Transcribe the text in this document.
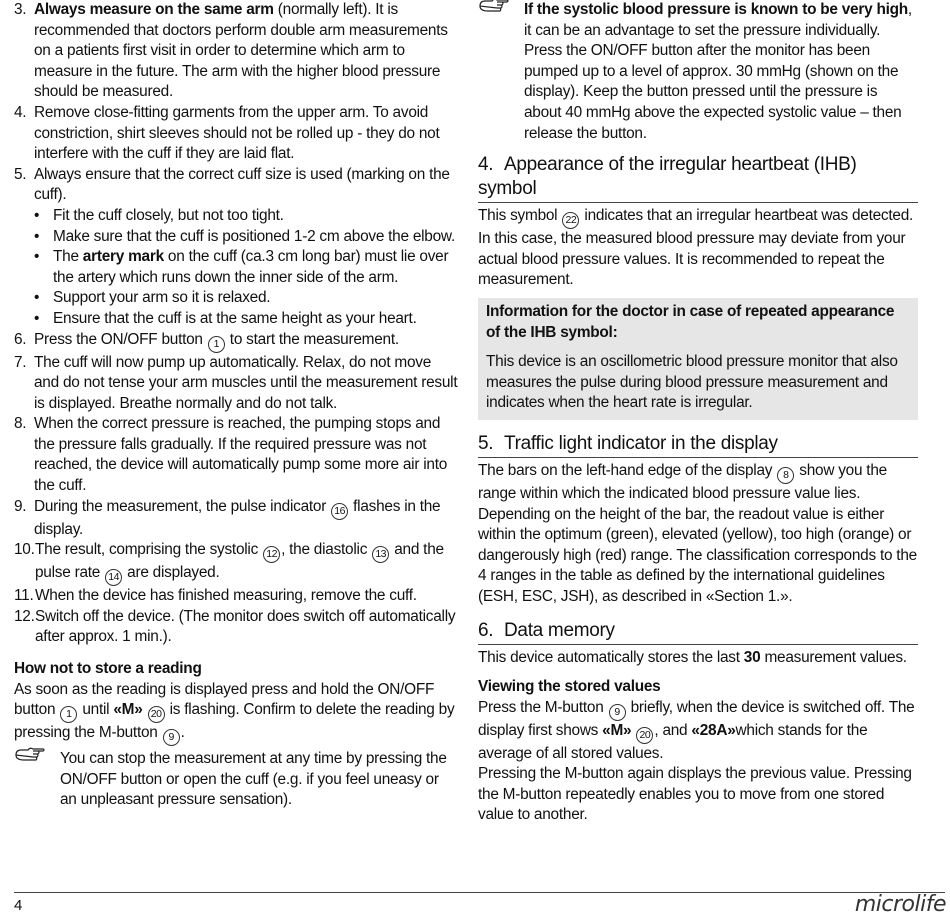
3. Always measure on the same arm (normally left). It is recommended that doctors perform double arm measurements on a patients first visit in order to determine which arm to measure in the future. The arm with the higher blood pressure should be measured.

4. Remove close-fitting garments from the upper arm. To avoid constriction, shirt sleeves should not be rolled up - they do not interfere with the cuff if they are laid flat.

5. Always ensure that the correct cuff size is used (marking on the cuff).

• Fit the cuff closely, but not too tight.
• Make sure that the cuff is positioned 1-2 cm above the elbow.
• The artery mark on the cuff (ca.3 cm long bar) must lie over the artery which runs down the inner side of the arm.
• Support your arm so it is relaxed.
• Ensure that the cuff is at the same height as your heart.

6. Press the ON/OFF button 1 to start the measurement.

7. The cuff will now pump up automatically. Relax, do not move and do not tense your arm muscles until the measurement result is displayed. Breathe normally and do not talk.

8. When the correct pressure is reached, the pumping stops and the pressure falls gradually. If the required pressure was not reached, the device will automatically pump some more air into the cuff.

9. During the measurement, the pulse indicator 16 flashes in the display.

10. The result, comprising the systolic 12 , the diastolic 13 and the pulse rate 14 are displayed.

11. When the device has finished measuring, remove the cuff.

12. Switch off the device. (The monitor does switch off automatically after approx. 1 min.).

How not to store a reading

As soon as the reading is displayed press and hold the ON/OFF button 1 until «M» 20 is flashing. Confirm to delete the reading by pressing the M-button 9 .

You can stop the measurement at any time by pressing the ON/OFF button or open the cuff (e.g. if you feel uneasy or an unpleasant pressure sensation).

If the systolic blood pressure is known to be very high, it can be an advantage to set the pressure individually. Press the ON/OFF button after the monitor has been pumped up to a level of approx. 30 mmHg (shown on the display). Keep the button pressed until the pressure is about 40 mmHg above the expected systolic value – then release the button.

4. Appearance of the irregular heartbeat (IHB) symbol

This symbol 22 indicates that an irregular heartbeat was detected. In this case, the measured blood pressure may deviate from your actual blood pressure values. It is recommended to repeat the measurement.

Information for the doctor in case of repeated appearance of the IHB symbol:

This device is an oscillometric blood pressure monitor that also measures the pulse during blood pressure measurement and indicates when the heart rate is irregular.

5. Traffic light indicator in the display

The bars on the left-hand edge of the display 8 show you the range within which the indicated blood pressure value lies. Depending on the height of the bar, the readout value is either within the optimum (green), elevated (yellow), too high (orange) or dangerously high (red) range. The classification corresponds to the 4 ranges in the table as defined by the international guidelines (ESH, ESC, JSH), as described in «Section 1.».

6. Data memory

This device automatically stores the last 30 measurement values.

Viewing the stored values

Press the M-button 9 briefly, when the device is switched off. The display first shows «M» 20 , and «28A»which stands for the average of all stored values.

Pressing the M-button again displays the previous value. Pressing the M-button repeatedly enables you to move from one stored value to another.

4	microlife
